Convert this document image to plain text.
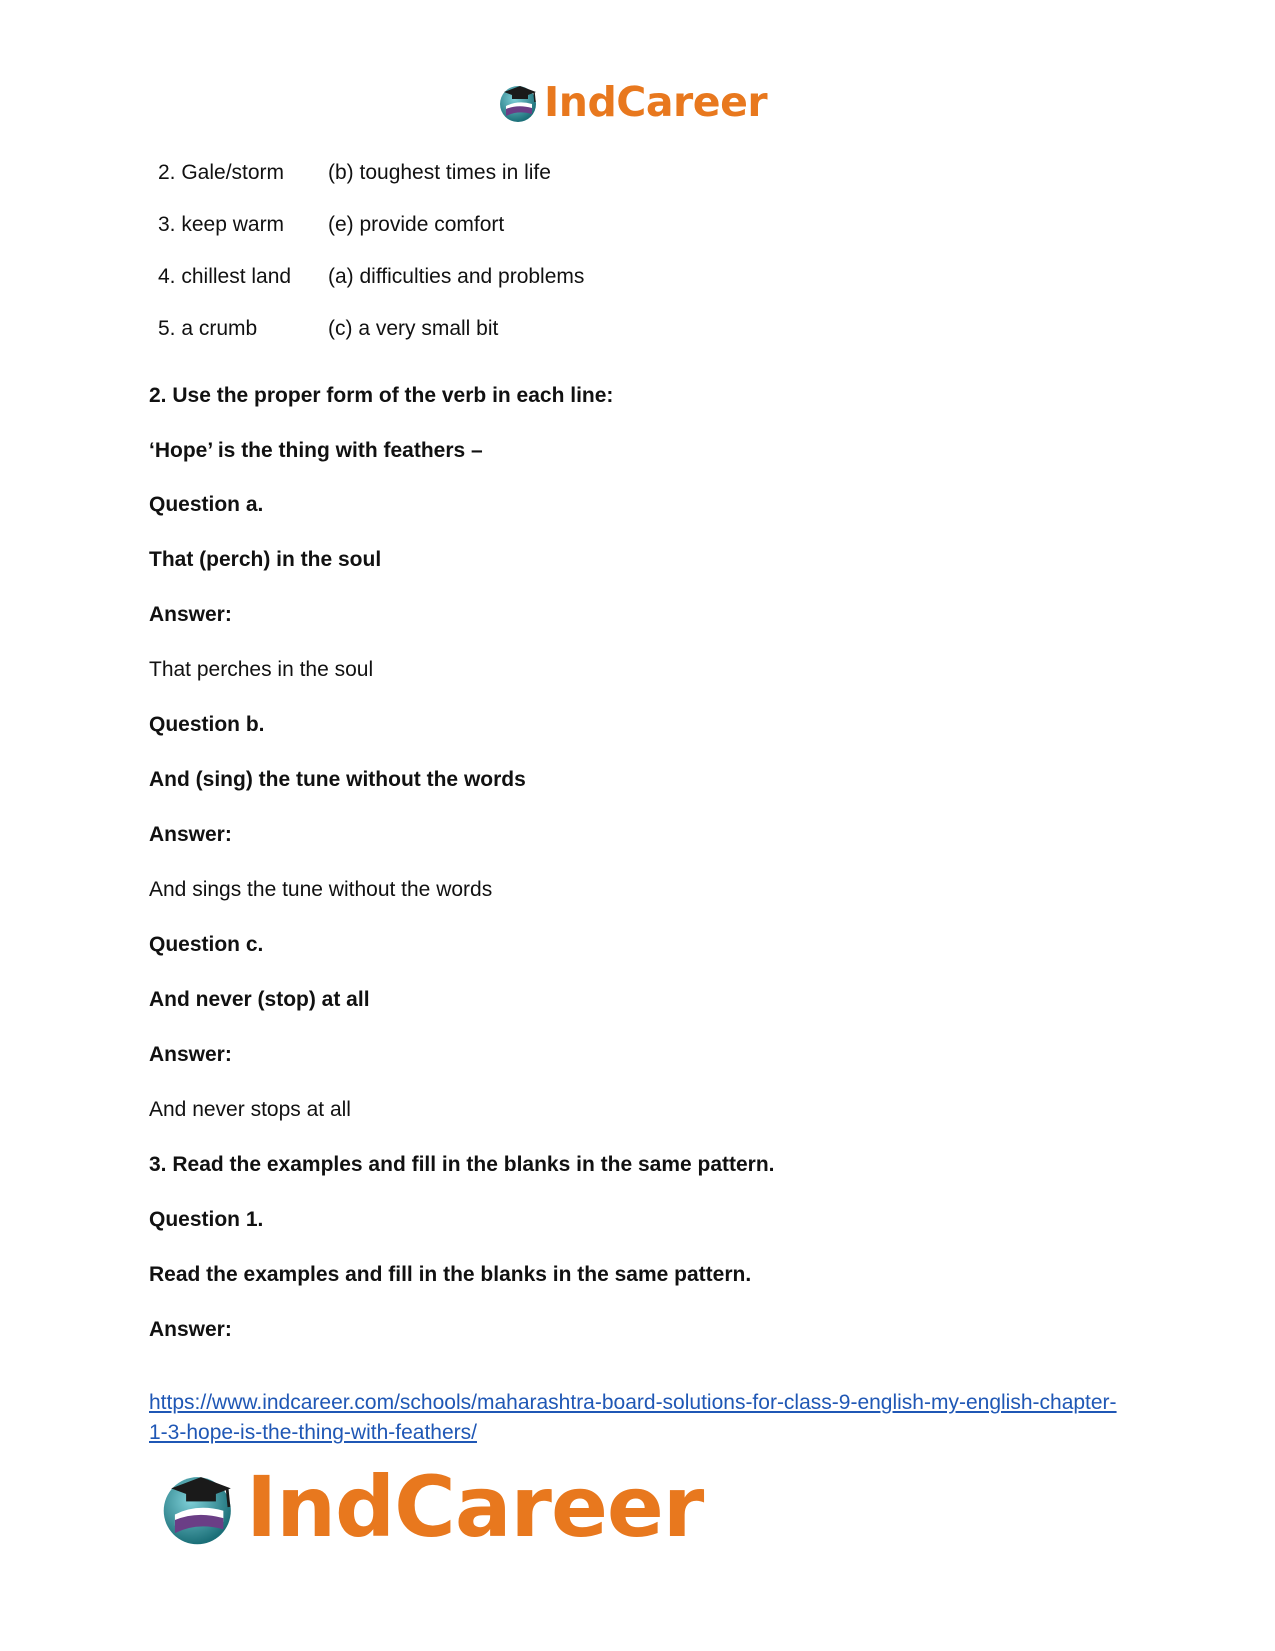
IndCareer
2. Gale/storm (b) toughest times in life
3. keep warm (e) provide comfort
4. chillest land (a) difficulties and problems
5. a crumb	(c) a very small bit
2. Use the proper form of the verb in each line:
‘Hope’ is the thing with feathers –
Question a.
That (perch) in the soul
Answer:
That perches in the soul
Question b.
And (sing) the tune without the words
Answer:
And sings the tune without the words
Question c.
And never (stop) at all
Answer:
And never stops at all
3. Read the examples and fill in the blanks in the same pattern.
Question 1.
Read the examples and fill in the blanks in the same pattern.
Answer:
https://www.indcareer.com/schools/maharashtra-board-solutions-for-class-9-english-my-english-chapter-1-3-hope-is-the-thing-with-feathers/
IndCareer
